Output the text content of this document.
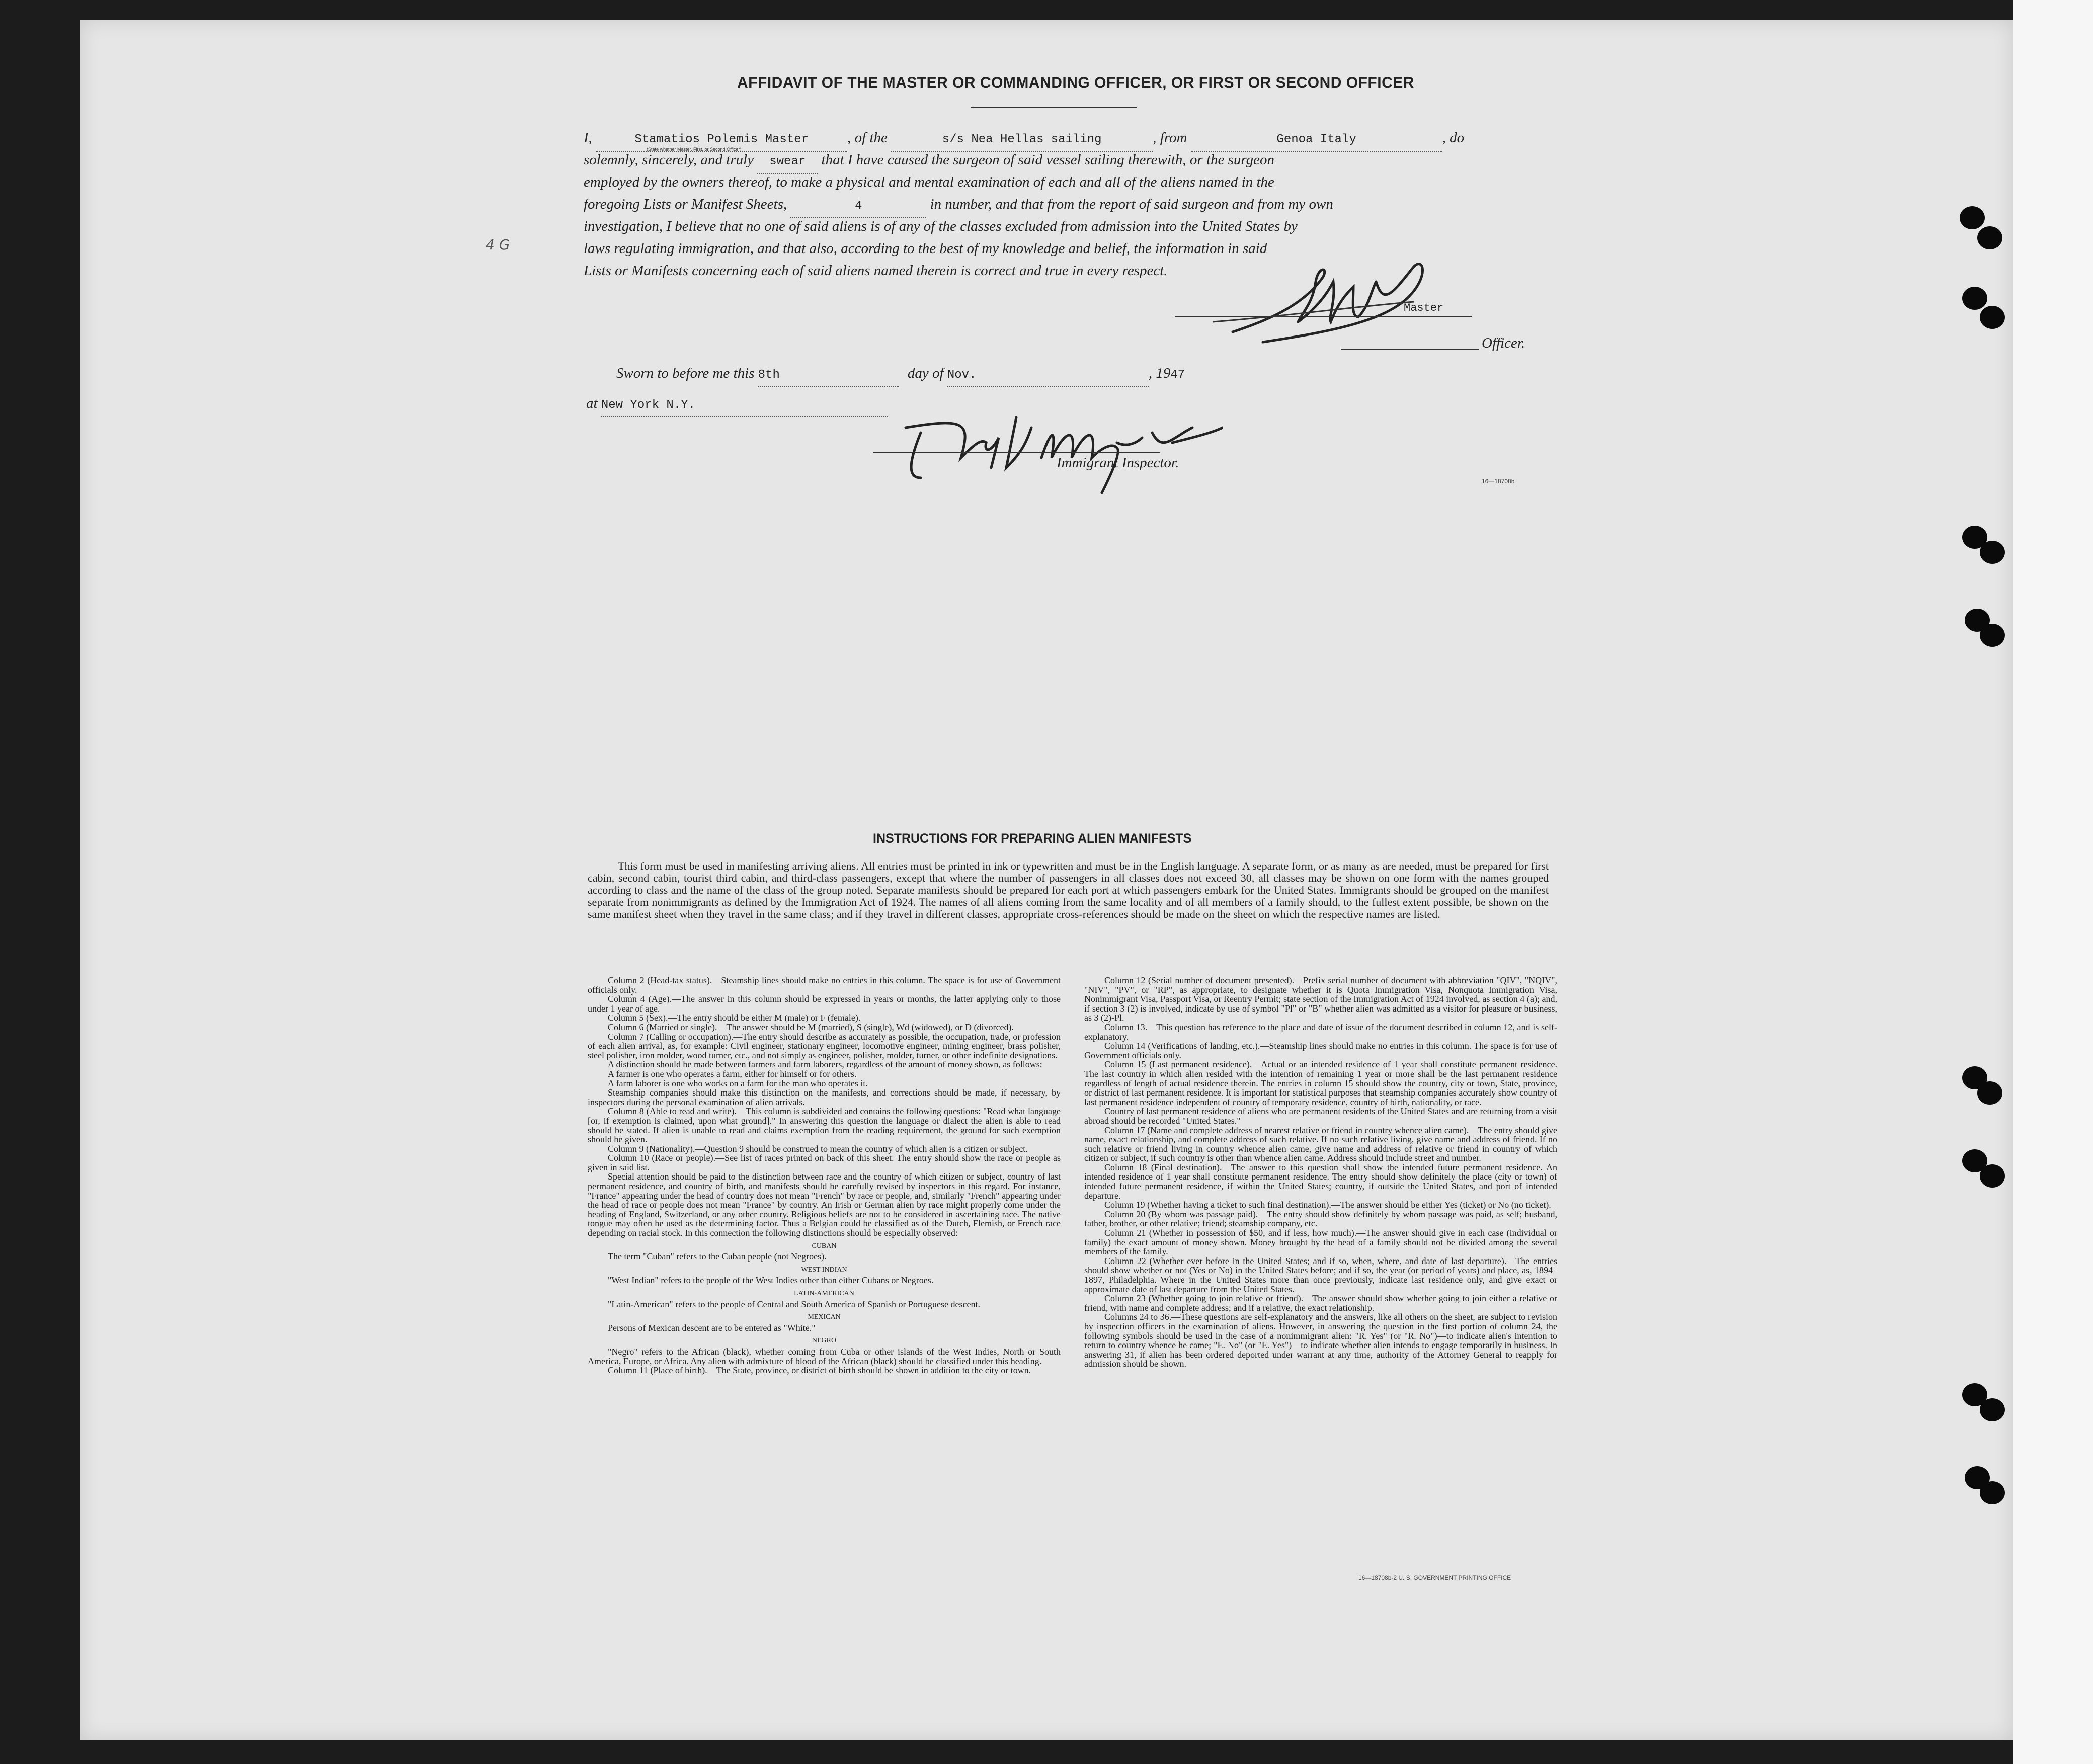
AFFIDAVIT OF THE MASTER OR COMMANDING OFFICER, OR FIRST OR SECOND OFFICER
I,	Stamatios Polemis Master	, of the	s/s Nea Hellas sailing	, from	Genoa Italy	, do
(State whether Master, First, or Second Officer)
solemnly, sincerely, and truly swear that I have caused the surgeon of said vessel sailing therewith, or the surgeon
employed by the owners thereof, to make a physical and mental examination of each and all of the aliens named in the
foregoing Lists or Manifest Sheets,	4	in number, and that from the report of said surgeon and from my own
investigation, I believe that no one of said aliens is of any of the classes excluded from admission into the United States by
laws regulating immigration, and that also, according to the best of my knowledge and belief, the information in said
Lists or Manifests concerning each of said aliens named therein is correct and true in every respect.
4 G
Master
Officer.
Sworn to before me this 8th	day of Nov.	, 1947
at New York N.Y.
Immigrant Inspector.
16—18708b
INSTRUCTIONS FOR PREPARING ALIEN MANIFESTS
This form must be used in manifesting arriving aliens. All entries must be printed in ink or typewritten and must be in the English language. A separate form, or as many as are needed, must be prepared for first cabin, second cabin, tourist third cabin, and third-class passengers, except that where the number of passengers in all classes does not exceed 30, all classes may be shown on one form with the names grouped according to class and the name of the class of the group noted. Separate manifests should be prepared for each port at which passengers embark for the United States. Immigrants should be grouped on the manifest separate from nonimmigrants as defined by the Immigration Act of 1924. The names of all aliens coming from the same locality and of all members of a family should, to the fullest extent possible, be shown on the same manifest sheet when they travel in the same class; and if they travel in different classes, appropriate cross-references should be made on the sheet on which the respective names are listed.

Column 2 (Head-tax status).—Steamship lines should make no entries in this column. The space is for use of Government officials only.

Column 4 (Age).—The answer in this column should be expressed in years or months, the latter applying only to those under 1 year of age.

Column 5 (Sex).—The entry should be either M (male) or F (female).

Column 6 (Married or single).—The answer should be M (married), S (single), Wd (widowed), or D (divorced).

Column 7 (Calling or occupation).—The entry should describe as accurately as possible, the occupation, trade, or profession of each alien arrival, as, for example: Civil engineer, stationary engineer, locomotive engineer, mining engineer, brass polisher, steel polisher, iron molder, wood turner, etc., and not simply as engineer, polisher, molder, turner, or other indefinite designations.

A distinction should be made between farmers and farm laborers, regardless of the amount of money shown, as follows:

A farmer is one who operates a farm, either for himself or for others.

A farm laborer is one who works on a farm for the man who operates it.

Steamship companies should make this distinction on the manifests, and corrections should be made, if necessary, by inspectors during the personal examination of alien arrivals.

Column 8 (Able to read and write).—This column is subdivided and contains the following questions: "Read what language [or, if exemption is claimed, upon what ground]." In answering this question the language or dialect the alien is able to read should be stated. If alien is unable to read and claims exemption from the reading requirement, the ground for such exemption should be given.

Column 9 (Nationality).—Question 9 should be construed to mean the country of which alien is a citizen or subject.

Column 10 (Race or people).—See list of races printed on back of this sheet. The entry should show the race or people as given in said list.

Special attention should be paid to the distinction between race and the country of which citizen or subject, country of last permanent residence, and country of birth, and manifests should be carefully revised by inspectors in this regard. For instance, "France" appearing under the head of country does not mean "French" by race or people, and, similarly "French" appearing under the head of race or people does not mean "France" by country. An Irish or German alien by race might properly come under the heading of England, Switzerland, or any other country. Religious beliefs are not to be considered in ascertaining race. The native tongue may often be used as the determining factor. Thus a Belgian could be classified as of the Dutch, Flemish, or French race depending on racial stock. In this connection the following distinctions should be especially observed:

CUBAN

The term "Cuban" refers to the Cuban people (not Negroes).

WEST INDIAN

"West Indian" refers to the people of the West Indies other than either Cubans or Negroes.

LATIN-AMERICAN

"Latin-American" refers to the people of Central and South America of Spanish or Portuguese descent.

MEXICAN

Persons of Mexican descent are to be entered as "White."

NEGRO

"Negro" refers to the African (black), whether coming from Cuba or other islands of the West Indies, North or South America, Europe, or Africa. Any alien with admixture of blood of the African (black) should be classified under this heading.

Column 11 (Place of birth).—The State, province, or district of birth should be shown in addition to the city or town.

Column 12 (Serial number of document presented).—Prefix serial number of document with abbreviation "QIV", "NQIV", "NIV", "PV", or "RP", as appropriate, to designate whether it is Quota Immigration Visa, Nonquota Immigration Visa, Nonimmigrant Visa, Passport Visa, or Reentry Permit; state section of the Immigration Act of 1924 involved, as section 4 (a); and, if section 3 (2) is involved, indicate by use of symbol "Pl" or "B" whether alien was admitted as a visitor for pleasure or business, as 3 (2)-Pl.

Column 13.—This question has reference to the place and date of issue of the document described in column 12, and is self-explanatory.

Column 14 (Verifications of landing, etc.).—Steamship lines should make no entries in this column. The space is for use of Government officials only.

Column 15 (Last permanent residence).—Actual or an intended residence of 1 year shall constitute permanent residence. The last country in which alien resided with the intention of remaining 1 year or more shall be the last permanent residence regardless of length of actual residence therein. The entries in column 15 should show the country, city or town, State, province, or district of last permanent residence. It is important for statistical purposes that steamship companies accurately show country of last permanent residence independent of country of temporary residence, country of birth, nationality, or race.

Country of last permanent residence of aliens who are permanent residents of the United States and are returning from a visit abroad should be recorded "United States."

Column 17 (Name and complete address of nearest relative or friend in country whence alien came).—The entry should give name, exact relationship, and complete address of such relative. If no such relative living, give name and address of friend. If no such relative or friend living in country whence alien came, give name and address of relative or friend in country of which citizen or subject, if such country is other than whence alien came. Address should include street and number.

Column 18 (Final destination).—The answer to this question shall show the intended future permanent residence. An intended residence of 1 year shall constitute permanent residence. The entry should show definitely the place (city or town) of intended future permanent residence, if within the United States; country, if outside the United States, and port of intended departure.

Column 19 (Whether having a ticket to such final destination).—The answer should be either Yes (ticket) or No (no ticket).

Column 20 (By whom was passage paid).—The entry should show definitely by whom passage was paid, as self; husband, father, brother, or other relative; friend; steamship company, etc.

Column 21 (Whether in possession of $50, and if less, how much).—The answer should give in each case (individual or family) the exact amount of money shown. Money brought by the head of a family should not be divided among the several members of the family.

Column 22 (Whether ever before in the United States; and if so, when, where, and date of last departure).—The entries should show whether or not (Yes or No) in the United States before; and if so, the year (or period of years) and place, as, 1894–1897, Philadelphia. Where in the United States more than once previously, indicate last residence only, and give exact or approximate date of last departure from the United States.

Column 23 (Whether going to join relative or friend).—The answer should show whether going to join either a relative or friend, with name and complete address; and if a relative, the exact relationship.

Columns 24 to 36.—These questions are self-explanatory and the answers, like all others on the sheet, are subject to revision by inspection officers in the examination of aliens. However, in answering the question in the first portion of column 24, the following symbols should be used in the case of a nonimmigrant alien: "R. Yes" (or "R. No")—to indicate alien's intention to return to country whence he came; "E. No" (or "E. Yes")—to indicate whether alien intends to engage temporarily in business. In answering 31, if alien has been ordered deported under warrant at any time, authority of the Attorney General to reapply for admission should be shown.

16—18708b-2 U. S. GOVERNMENT PRINTING OFFICE
